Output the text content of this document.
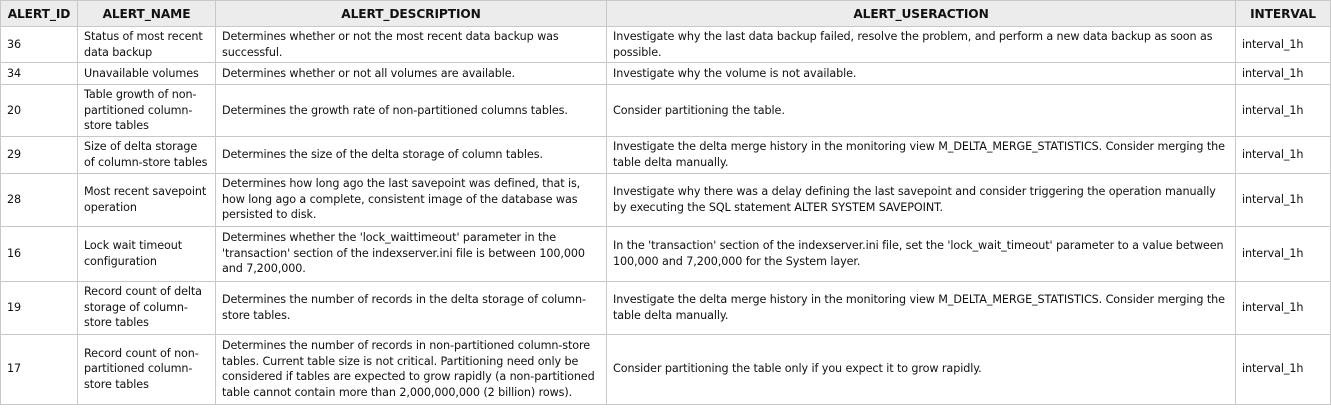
ALERT_ID	ALERT_NAME	ALERT_DESCRIPTION	ALERT_USERACTION	INTERVAL
36	Status of most recent data backup	Determines whether or not the most recent data backup was successful.	Investigate why the last data backup failed, resolve the problem, and perform a new data backup as soon as possible.	interval_1h
34	Unavailable volumes	Determines whether or not all volumes are available.	Investigate why the volume is not available.	interval_1h
20	Table growth of non-partitioned column-store tables	Determines the growth rate of non-partitioned columns tables.	Consider partitioning the table.	interval_1h
29	Size of delta storage of column-store tables	Determines the size of the delta storage of column tables.	Investigate the delta merge history in the monitoring view M_DELTA_MERGE_STATISTICS. Consider merging the table delta manually.	interval_1h
28	Most recent savepoint operation	Determines how long ago the last savepoint was defined, that is, how long ago a complete, consistent image of the database was persisted to disk.	Investigate why there was a delay defining the last savepoint and consider triggering the operation manually by executing the SQL statement ALTER SYSTEM SAVEPOINT.	interval_1h
16	Lock wait timeout configuration	Determines whether the 'lock_waittimeout' parameter in the 'transaction' section of the indexserver.ini file is between 100,000 and 7,200,000.	In the 'transaction' section of the indexserver.ini file, set the 'lock_wait_timeout' parameter to a value between 100,000 and 7,200,000 for the System layer.	interval_1h
19	Record count of delta storage of column-store tables	Determines the number of records in the delta storage of column-store tables.	Investigate the delta merge history in the monitoring view M_DELTA_MERGE_STATISTICS. Consider merging the table delta manually.	interval_1h
17	Record count of non-partitioned column-store tables	Determines the number of records in non-partitioned column-store tables. Current table size is not critical. Partitioning need only be considered if tables are expected to grow rapidly (a non-partitioned table cannot contain more than 2,000,000,000 (2 billion) rows).	Consider partitioning the table only if you expect it to grow rapidly.	interval_1h
